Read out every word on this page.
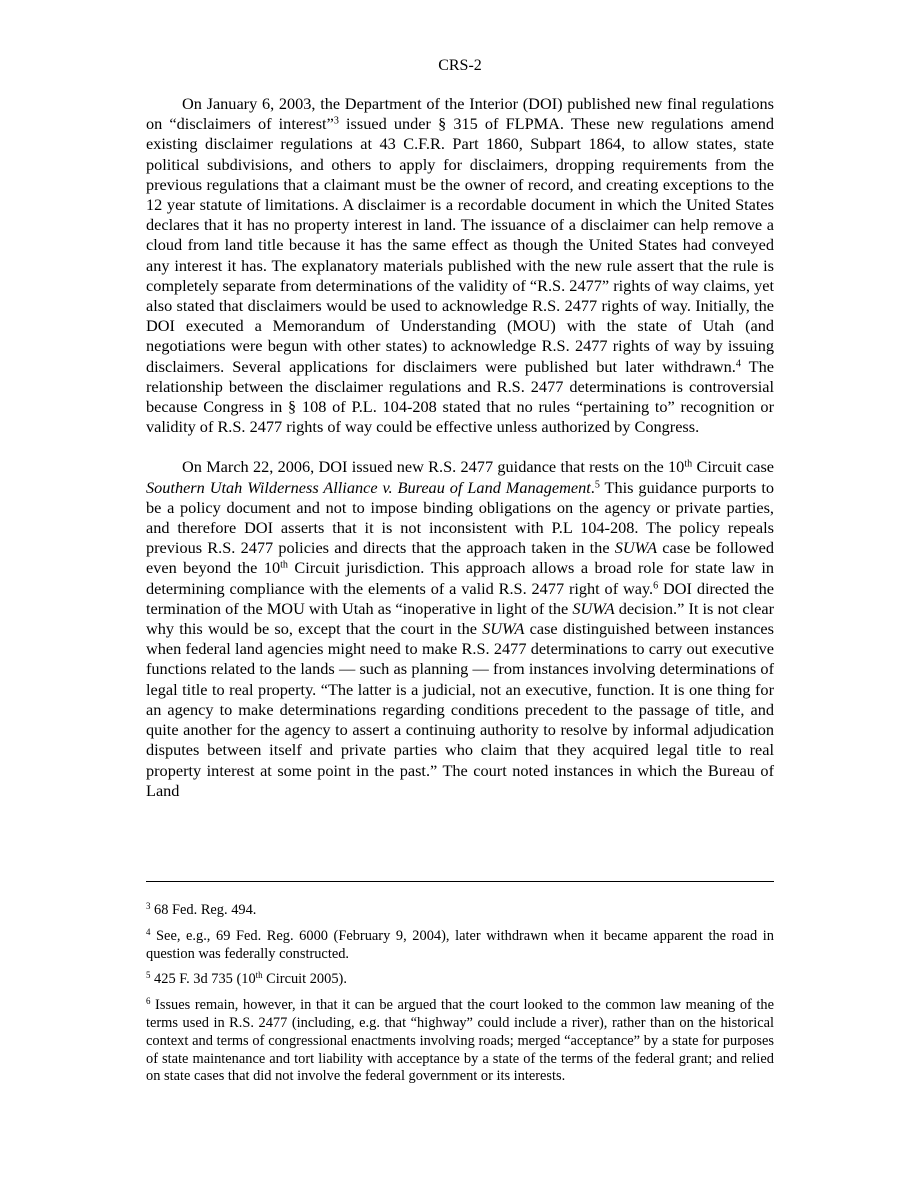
CRS-2

On January 6, 2003, the Department of the Interior (DOI) published new final regulations on “disclaimers of interest”$^3$ issued under § 315 of FLPMA. These new regulations amend existing disclaimer regulations at 43 C.F.R. Part 1860, Subpart 1864, to allow states, state political subdivisions, and others to apply for disclaimers, dropping requirements from the previous regulations that a claimant must be the owner of record, and creating exceptions to the 12 year statute of limitations. A disclaimer is a recordable document in which the United States declares that it has no property interest in land. The issuance of a disclaimer can help remove a cloud from land title because it has the same effect as though the United States had conveyed any interest it has. The explanatory materials published with the new rule assert that the rule is completely separate from determinations of the validity of “R.S. 2477” rights of way claims, yet also stated that disclaimers would be used to acknowledge R.S. 2477 rights of way. Initially, the DOI executed a Memorandum of Understanding (MOU) with the state of Utah (and negotiations were begun with other states) to acknowledge R.S. 2477 rights of way by issuing disclaimers. Several applications for disclaimers were published but later withdrawn.$^4$ The relationship between the disclaimer regulations and R.S. 2477 determinations is controversial because Congress in § 108 of P.L. 104-208 stated that no rules “pertaining to” recognition or validity of R.S. 2477 rights of way could be effective unless authorized by Congress.

On March 22, 2006, DOI issued new R.S. 2477 guidance that rests on the 10th Circuit case Southern Utah Wilderness Alliance v. Bureau of Land Management.$^5$ This guidance purports to be a policy document and not to impose binding obligations on the agency or private parties, and therefore DOI asserts that it is not inconsistent with P.L 104-208. The policy repeals previous R.S. 2477 policies and directs that the approach taken in the SUWA case be followed even beyond the 10th Circuit jurisdiction. This approach allows a broad role for state law in determining compliance with the elements of a valid R.S. 2477 right of way.$^6$ DOI directed the termination of the MOU with Utah as “inoperative in light of the SUWA decision.” It is not clear why this would be so, except that the court in the SUWA case distinguished between instances when federal land agencies might need to make R.S. 2477 determinations to carry out executive functions related to the lands — such as planning — from instances involving determinations of legal title to real property. “The latter is a judicial, not an executive, function. It is one thing for an agency to make determinations regarding conditions precedent to the passage of title, and quite another for the agency to assert a continuing authority to resolve by informal adjudication disputes between itself and private parties who claim that they acquired legal title to real property interest at some point in the past.” The court noted instances in which the Bureau of Land

$^3$ 68 Fed. Reg. 494.

$^4$ See, e.g., 69 Fed. Reg. 6000 (February 9, 2004), later withdrawn when it became apparent the road in question was federally constructed.

$^5$ 425 F. 3d 735 (10th Circuit 2005).

$^6$ Issues remain, however, in that it can be argued that the court looked to the common law meaning of the terms used in R.S. 2477 (including, e.g. that “highway” could include a river), rather than on the historical context and terms of congressional enactments involving roads; merged “acceptance” by a state for purposes of state maintenance and tort liability with acceptance by a state of the terms of the federal grant; and relied on state cases that did not involve the federal government or its interests.
